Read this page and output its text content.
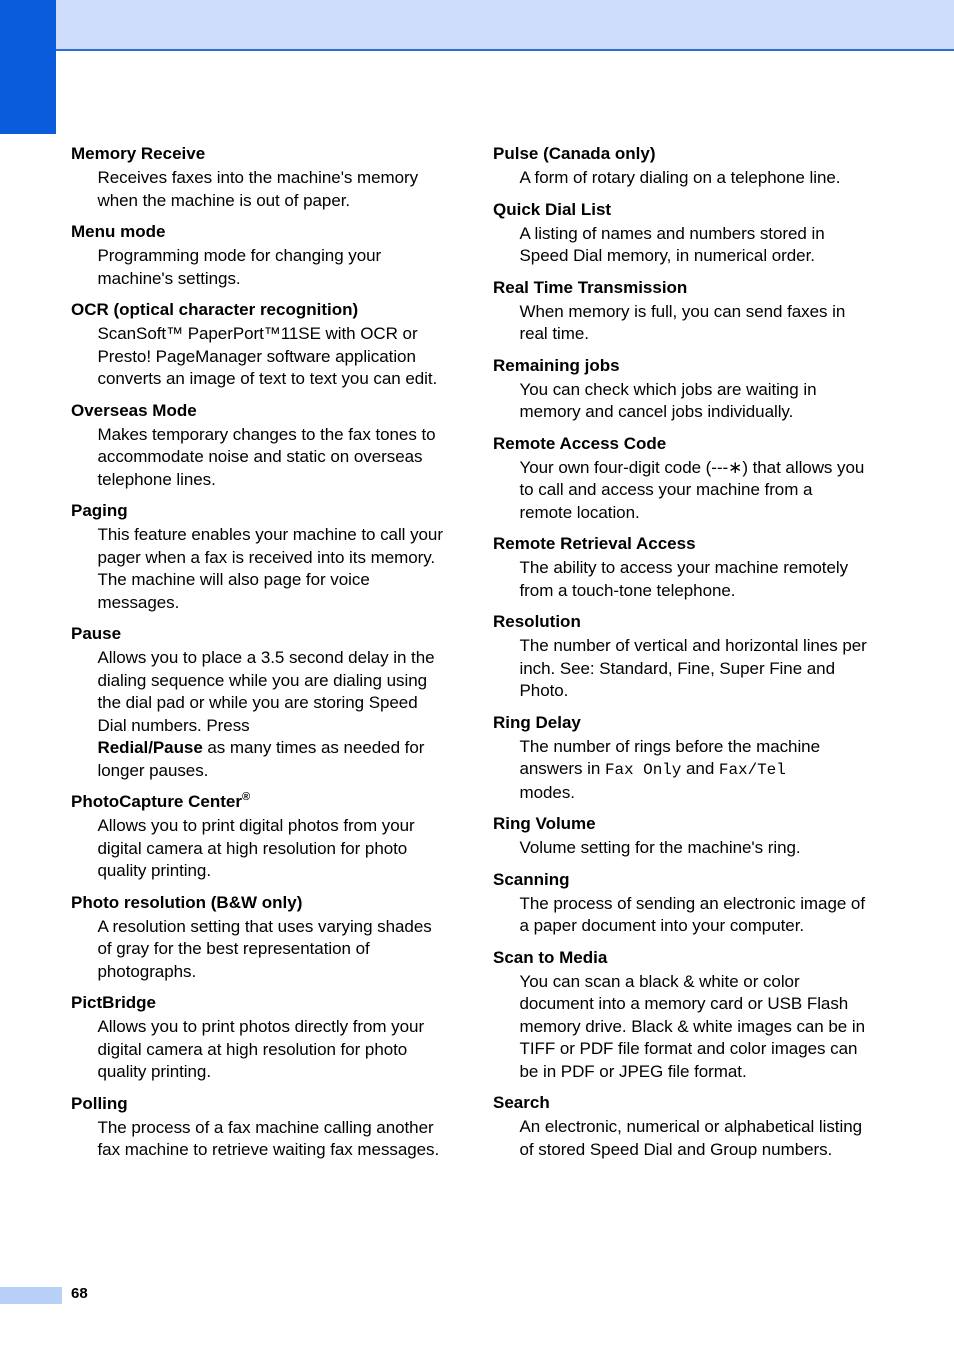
Memory Receive
Receives faxes into the machine's memory when the machine is out of paper.
Menu mode
Programming mode for changing your machine's settings.
OCR (optical character recognition)
ScanSoft™ PaperPort™11SE with OCR or Presto! PageManager software application converts an image of text to text you can edit.
Overseas Mode
Makes temporary changes to the fax tones to accommodate noise and static on overseas telephone lines.
Paging
This feature enables your machine to call your pager when a fax is received into its memory. The machine will also page for voice messages.
Pause
Allows you to place a 3.5 second delay in the dialing sequence while you are dialing using the dial pad or while you are storing Speed Dial numbers. Press
Redial/Pause as many times as needed for longer pauses.
PhotoCapture Center®
Allows you to print digital photos from your digital camera at high resolution for photo quality printing.
Photo resolution (B&W only)
A resolution setting that uses varying shades of gray for the best representation of photographs.
PictBridge
Allows you to print photos directly from your digital camera at high resolution for photo quality printing.
Polling
The process of a fax machine calling another fax machine to retrieve waiting fax messages.
Pulse (Canada only)
A form of rotary dialing on a telephone line.
Quick Dial List
A listing of names and numbers stored in Speed Dial memory, in numerical order.
Real Time Transmission
When memory is full, you can send faxes in real time.
Remaining jobs
You can check which jobs are waiting in memory and cancel jobs individually.
Remote Access Code
Your own four-digit code (---∗) that allows you to call and access your machine from a remote location.
Remote Retrieval Access
The ability to access your machine remotely from a touch-tone telephone.
Resolution
The number of vertical and horizontal lines per inch. See: Standard, Fine, Super Fine and Photo.
Ring Delay
The number of rings before the machine answers in Fax Only and Fax/Tel
modes.
Ring Volume
Volume setting for the machine's ring.
Scanning
The process of sending an electronic image of a paper document into your computer.
Scan to Media
You can scan a black & white or color document into a memory card or USB Flash memory drive. Black & white images can be in TIFF or PDF file format and color images can be in PDF or JPEG file format.
Search
An electronic, numerical or alphabetical listing of stored Speed Dial and Group numbers.
68
